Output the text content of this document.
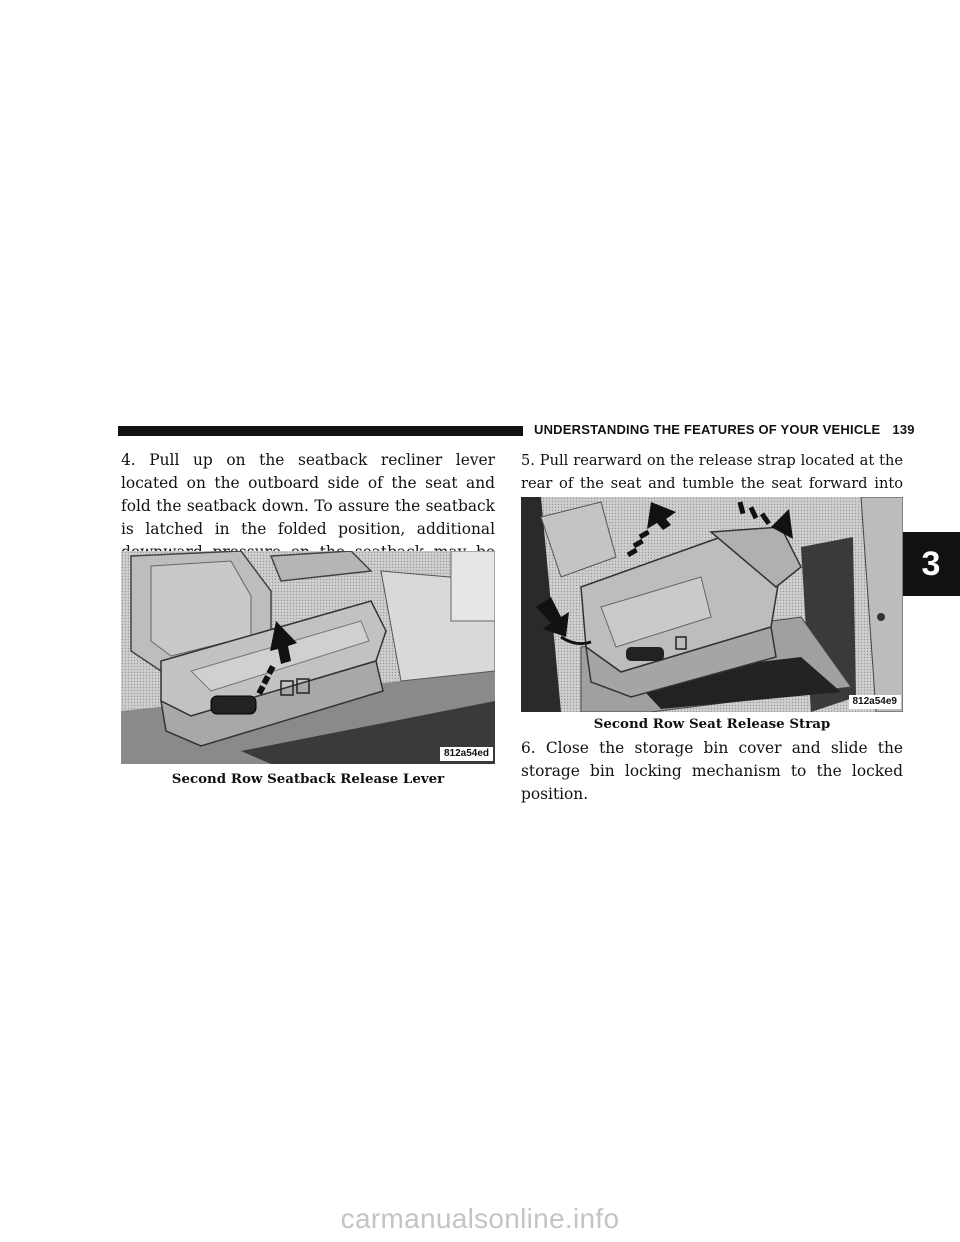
UNDERSTANDING THE FEATURES OF YOUR VEHICLE 139
3

4. Pull up on the seatback recliner lever located on the outboard side of the seat and fold the seatback down. To assure the seatback is latched in the folded position, additional

812a54ed
Second Row Seatback Release Lever

5. Pull rearward on the release strap located at the rear of the seat and tumble the seat forward into

812a54e9
Second Row Seat Release Strap

6. Close the storage bin cover and slide the storage bin locking mechanism to the locked position.

carmanualsonline.info
